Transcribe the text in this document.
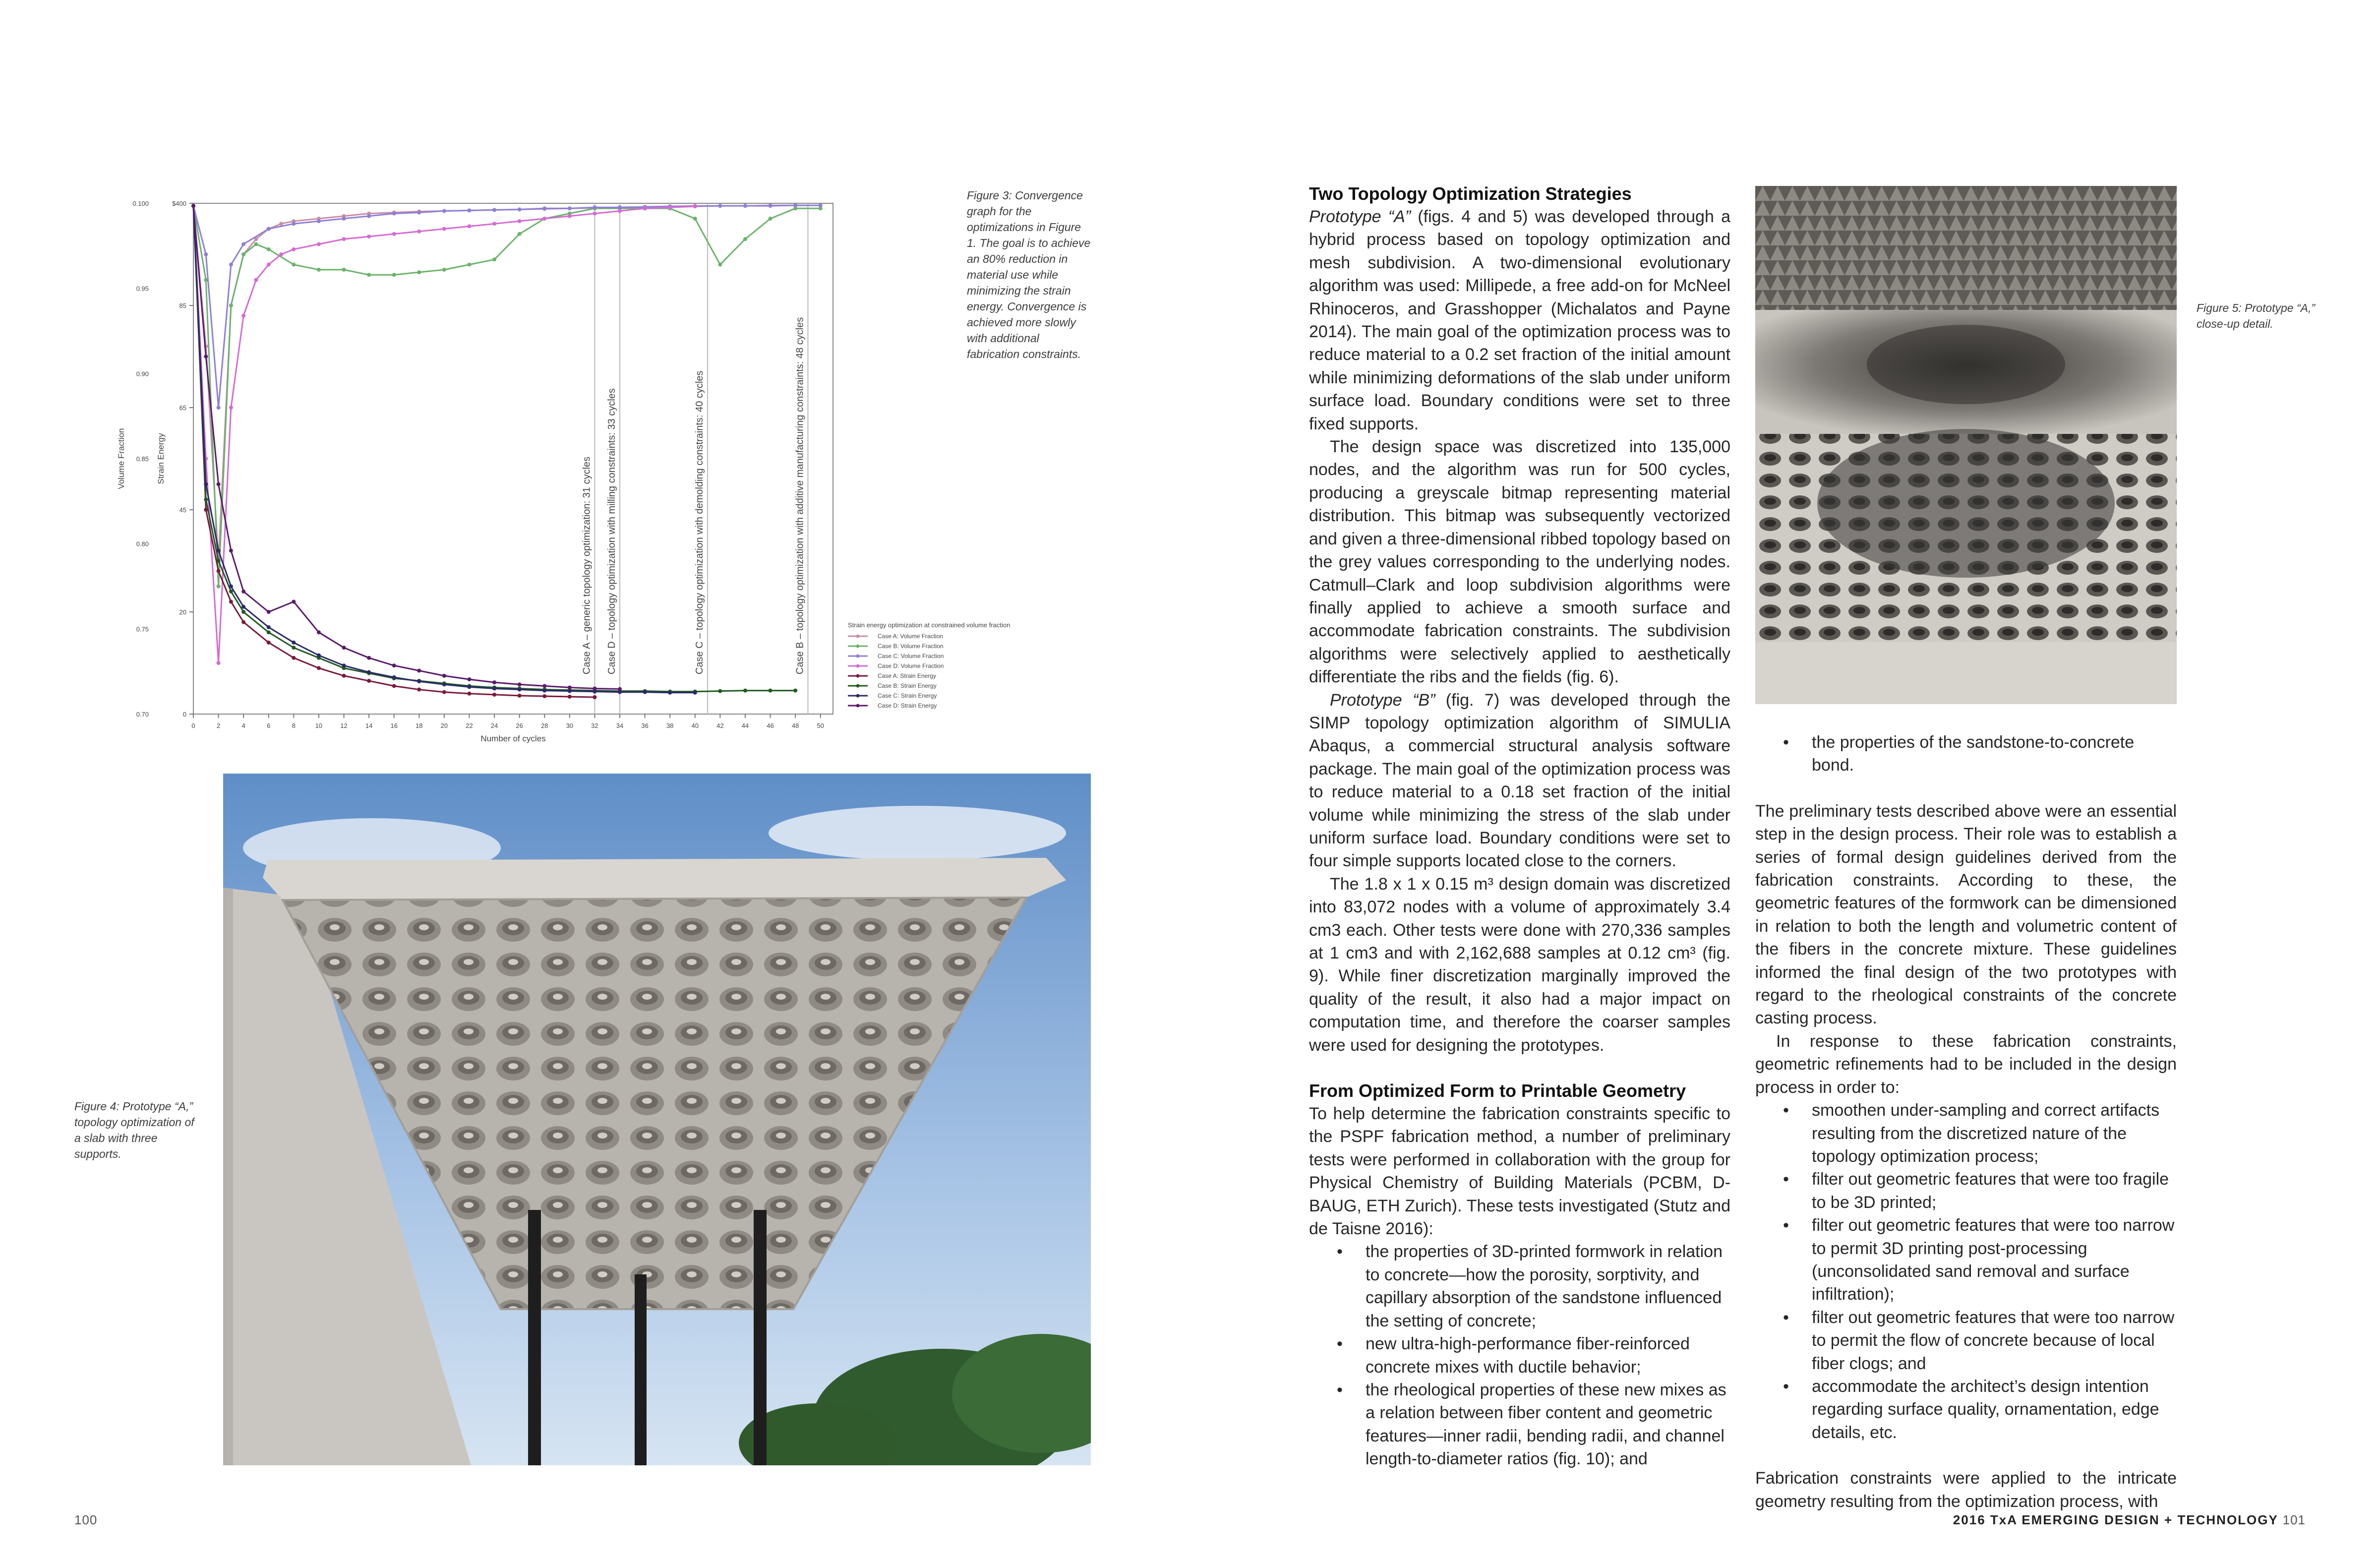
0	2	4	6	8	10	12	14	16	18	20	22	24	26	28	30	32	34	36	38	40	42	44	46	48	50
Number of cycles
0.100
0.95
0.90
0.85
0.80
0.75
0.70
$400
85
65
45
20
0
Volume Fraction	Strain Energy	Case A – generic topology optimization: 31 cycles Case D – topology optimization with milling constraints: 33 cycles	Case C – topology optimization with demolding constraints: 40 cycles	Case B – topology optimization with additive manufacturing constraints: 48 cycles	Strain energy optimization at constrained volume fraction
Case A: Volume Fraction
Case B: Volume Fraction
Case C: Volume Fraction
Case D: Volume Fraction
Case A: Strain Energy
Case B: Strain Energy
Case C: Strain Energy
Case D: Strain Energy
Figure 3: Convergence graph for the optimizations in Figure 1. The goal is to achieve an 80% reduction in material use while minimizing the strain energy. Convergence is achieved more slowly with additional fabrication constraints.
Figure 4: Prototype “A,” topology optimization of a slab with three supports.
100

Two Topology Optimization Strategies

Prototype “A” (figs. 4 and 5) was developed through a hybrid process based on topology optimization and mesh subdivision. A two-dimensional evolutionary algorithm was used: Millipede, a free add-on for McNeel Rhinoceros, and Grasshopper (Michalatos and Payne 2014). The main goal of the optimization process was to reduce material to a 0.2 set fraction of the initial amount while minimizing deformations of the slab under uniform surface load. Boundary conditions were set to three fixed supports.

The design space was discretized into 135,000 nodes, and the algorithm was run for 500 cycles, producing a greyscale bitmap representing material distribution. This bitmap was subsequently vectorized and given a three-dimensional ribbed topology based on the grey values corresponding to the underlying nodes. Catmull–Clark and loop subdivision algorithms were finally applied to achieve a smooth surface and accommodate fabrication constraints. The subdivision algorithms were selectively applied to aesthetically differentiate the ribs and the fields (fig. 6).

Prototype “B” (fig. 7) was developed through the SIMP topology optimization algorithm of SIMULIA Abaqus, a commercial structural analysis software package. The main goal of the optimization process was to reduce material to a 0.18 set fraction of the initial volume while minimizing the stress of the slab under uniform surface load. Boundary conditions were set to four simple supports located close to the corners.

The 1.8 x 1 x 0.15 m³ design domain was discretized into 83,072 nodes with a volume of approximately 3.4 cm3 each. Other tests were done with 270,336 samples at 1 cm3 and with 2,162,688 samples at 0.12 cm³ (fig. 9). While finer discretization marginally improved the quality of the result, it also had a major impact on computation time, and therefore the coarser samples were used for designing the prototypes.

From Optimized Form to Printable Geometry

To help determine the fabrication constraints specific to the PSPF fabrication method, a number of preliminary tests were performed in collaboration with the group for Physical Chemistry of Building Materials (PCBM, D-BAUG, ETH Zurich). These tests investigated (Stutz and de Taisne 2016):

• the properties of 3D-printed formwork in relation to concrete—how the porosity, sorptivity, and capillary absorption of the sandstone influenced the setting of concrete;
• new ultra-high-performance fiber-reinforced concrete mixes with ductile behavior;
• the rheological properties of these new mixes as a relation between fiber content and geometric features—inner radii, bending radii, and channel length-to-diameter ratios (fig. 10); and
Figure 5: Prototype “A,” close-up detail.
• the properties of the sandstone-to-concrete bond.

The preliminary tests described above were an essential step in the design process. Their role was to establish a series of formal design guidelines derived from the fabrication constraints. According to these, the geometric features of the formwork can be dimensioned in relation to both the length and volumetric content of the fibers in the concrete mixture. These guidelines informed the final design of the two prototypes with regard to the rheological constraints of the concrete casting process.

In response to these fabrication constraints, geometric refinements had to be included in the design process in order to:

• smoothen under-sampling and correct artifacts resulting from the discretized nature of the topology optimization process;
• filter out geometric features that were too fragile to be 3D printed;
• filter out geometric features that were too narrow to permit 3D printing post-processing (unconsolidated sand removal and surface infiltration);
• filter out geometric features that were too narrow to permit the flow of concrete because of local fiber clogs; and
• accommodate the architect’s design intention regarding surface quality, ornamentation, edge details, etc.

Fabrication constraints were applied to the intricate geometry resulting from the optimization process, with

2016 TxA EMERGING DESIGN + TECHNOLOGY 101
